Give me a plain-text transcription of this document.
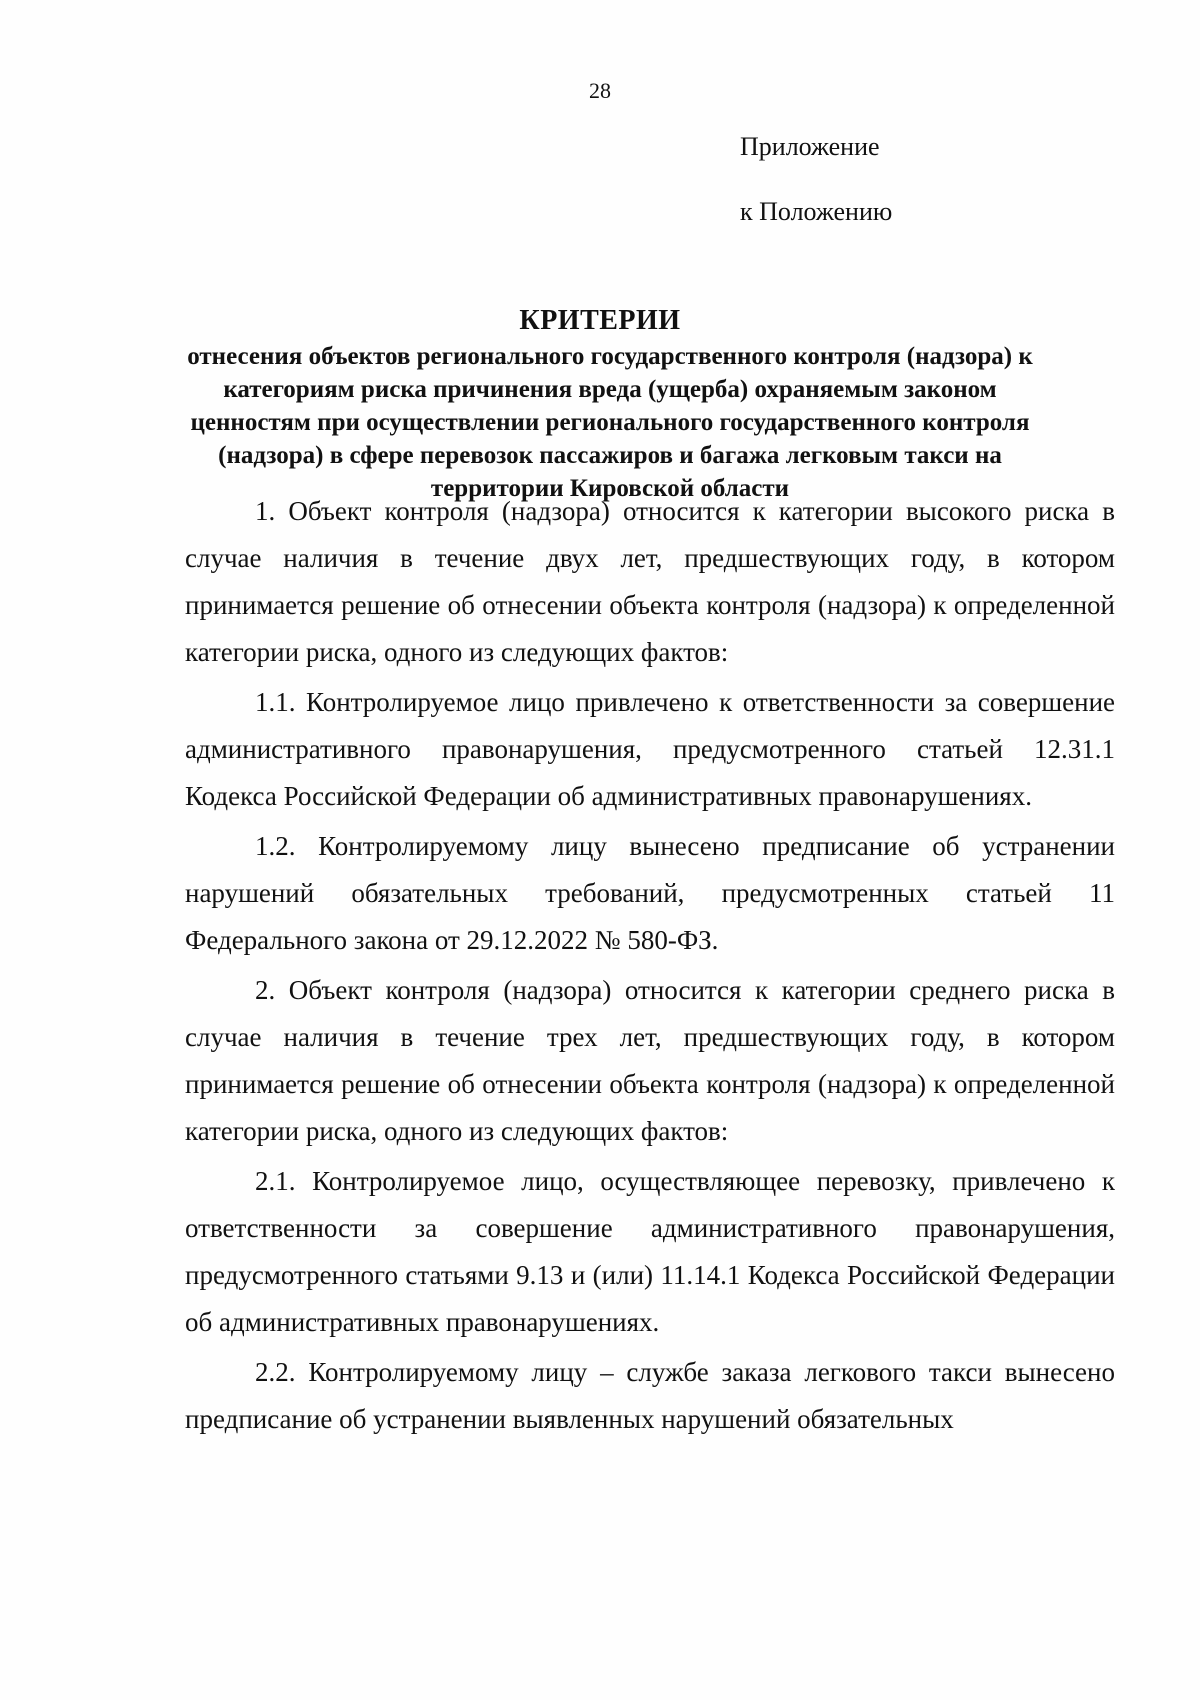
28
Приложение
к Положению
КРИТЕРИИ
отнесения объектов регионального государственного контроля (надзора) к категориям риска причинения вреда (ущерба) охраняемым законом ценностям при осуществлении регионального государственного контроля (надзора) в сфере перевозок пассажиров и багажа легковым такси на территории Кировской области

1. Объект контроля (надзора) относится к категории высокого риска в случае наличия в течение двух лет, предшествующих году, в котором принимается решение об отнесении объекта контроля (надзора) к определенной категории риска, одного из следующих фактов:

1.1. Контролируемое лицо привлечено к ответственности за совершение административного правонарушения, предусмотренного статьей 12.31.1 Кодекса Российской Федерации об административных правонарушениях.

1.2. Контролируемому лицу вынесено предписание об устранении нарушений обязательных требований, предусмотренных статьей 11 Федерального закона от 29.12.2022 № 580-ФЗ.

2. Объект контроля (надзора) относится к категории среднего риска в случае наличия в течение трех лет, предшествующих году, в котором принимается решение об отнесении объекта контроля (надзора) к определенной категории риска, одного из следующих фактов:

2.1. Контролируемое лицо, осуществляющее перевозку, привлечено к ответственности за совершение административного правонарушения, предусмотренного статьями 9.13 и (или) 11.14.1 Кодекса Российской Федерации об административных правонарушениях.

2.2. Контролируемому лицу – службе заказа легкового такси вынесено предписание об устранении выявленных нарушений обязательных
